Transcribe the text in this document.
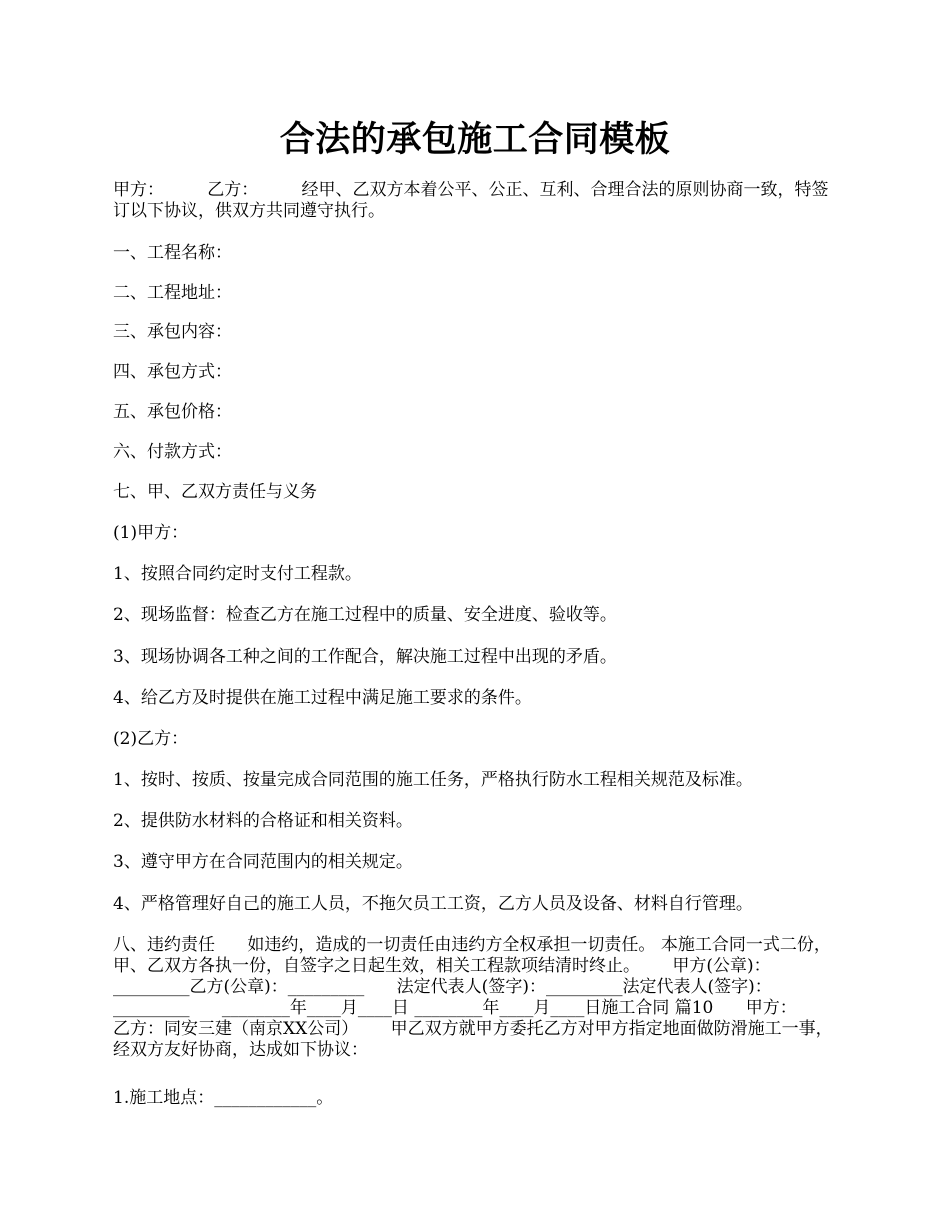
合法的承包施工合同模板
甲方：        乙方：        经甲、乙双方本着公平、公正、互利、合理合法的原则协商一致，特签订以下协议，供双方共同遵守执行。
一、工程名称：
二、工程地址：
三、承包内容：
四、承包方式：
五、承包价格：
六、付款方式：
七、甲、乙双方责任与义务
(1)甲方：
1、按照合同约定时支付工程款。
2、现场监督：检查乙方在施工过程中的质量、安全进度、验收等。
3、现场协调各工种之间的工作配合，解决施工过程中出现的矛盾。
4、给乙方及时提供在施工过程中满足施工要求的条件。
(2)乙方：
1、按时、按质、按量完成合同范围的施工任务，严格执行防水工程相关规范及标准。
2、提供防水材料的合格证和相关资料。
3、遵守甲方在合同范围内的相关规定。
4、严格管理好自己的施工人员，不拖欠员工工资，乙方人员及设备、材料自行管理。
八、违约责任      如违约，造成的一切责任由违约方全权承担一切责任。 本施工合同一式二份，甲、乙双方各执一份，自签字之日起生效，相关工程款项结清时终止。      甲方(公章)：_________乙方(公章)：_________      法定代表人(签字)：_________法定代表人(签字)：_________      ________年____月____日 ________年____月____日施工合同 篇10      甲方：        乙方：同安三建（南京XX公司）      甲乙双方就甲方委托乙方对甲方指定地面做防滑施工一事，经双方友好协商，达成如下协议：
1.施工地点：____________。
